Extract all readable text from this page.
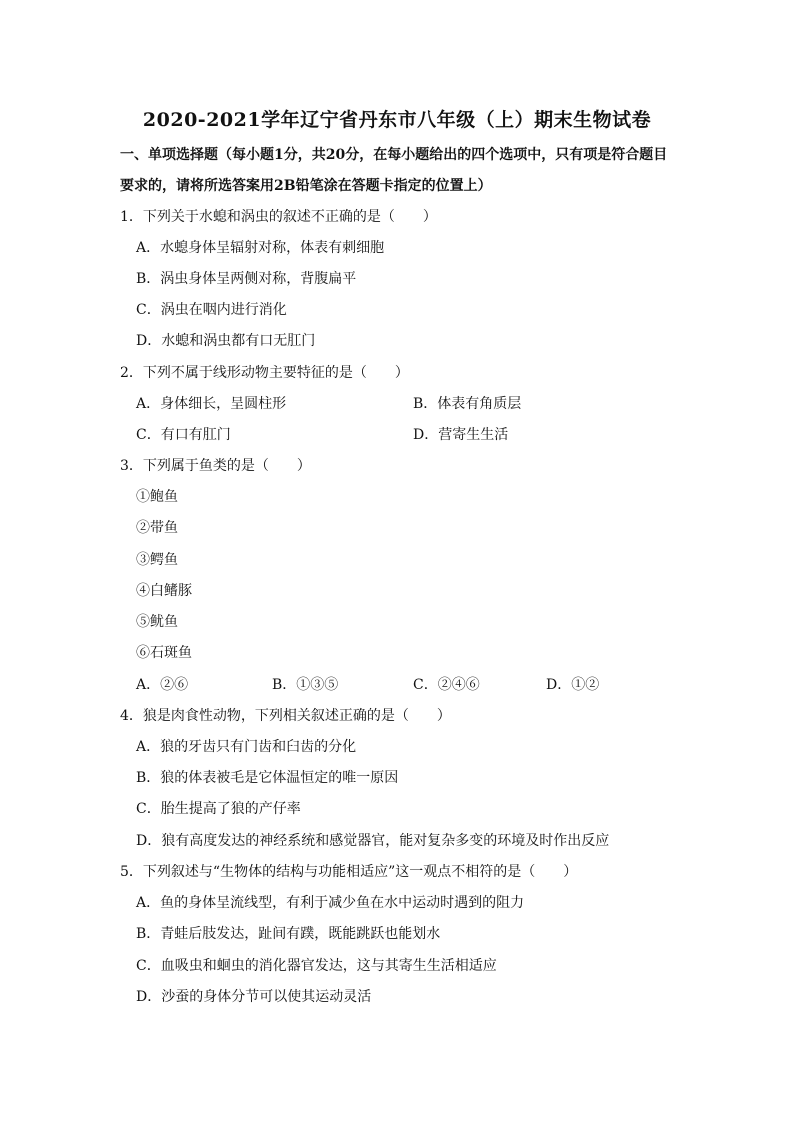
2020-2021学年辽宁省丹东市八年级（上）期末生物试卷
一、单项选择题（每小题1分，共20分，在每小题给出的四个选项中，只有项是符合题目要求的，请将所选答案用2B铅笔涂在答题卡指定的位置上）
1．下列关于水螅和涡虫的叙述不正确的是（　　）
A．水螅身体呈辐射对称，体表有刺细胞
B．涡虫身体呈两侧对称，背腹扁平
C．涡虫在咽内进行消化
D．水螅和涡虫都有口无肛门
2．下列不属于线形动物主要特征的是（　　）
A．身体细长，呈圆柱形	B．体表有角质层
C．有口有肛门	D．营寄生生活
3．下列属于鱼类的是（　　）
①鲍鱼
②带鱼
③鳄鱼
④白鳍豚
⑤鱿鱼
⑥石斑鱼
A．②⑥	B．①③⑤	C．②④⑥	D．①②
4．狼是肉食性动物，下列相关叙述正确的是（　　）
A．狼的牙齿只有门齿和臼齿的分化
B．狼的体表被毛是它体温恒定的唯一原因
C．胎生提高了狼的产仔率
D．狼有高度发达的神经系统和感觉器官，能对复杂多变的环境及时作出反应
5．下列叙述与“生物体的结构与功能相适应”这一观点不相符的是（　　）
A．鱼的身体呈流线型，有利于减少鱼在水中运动时遇到的阻力
B．青蛙后肢发达，趾间有蹼，既能跳跃也能划水
C．血吸虫和蛔虫的消化器官发达，这与其寄生生活相适应
D．沙蚕的身体分节可以使其运动灵活
